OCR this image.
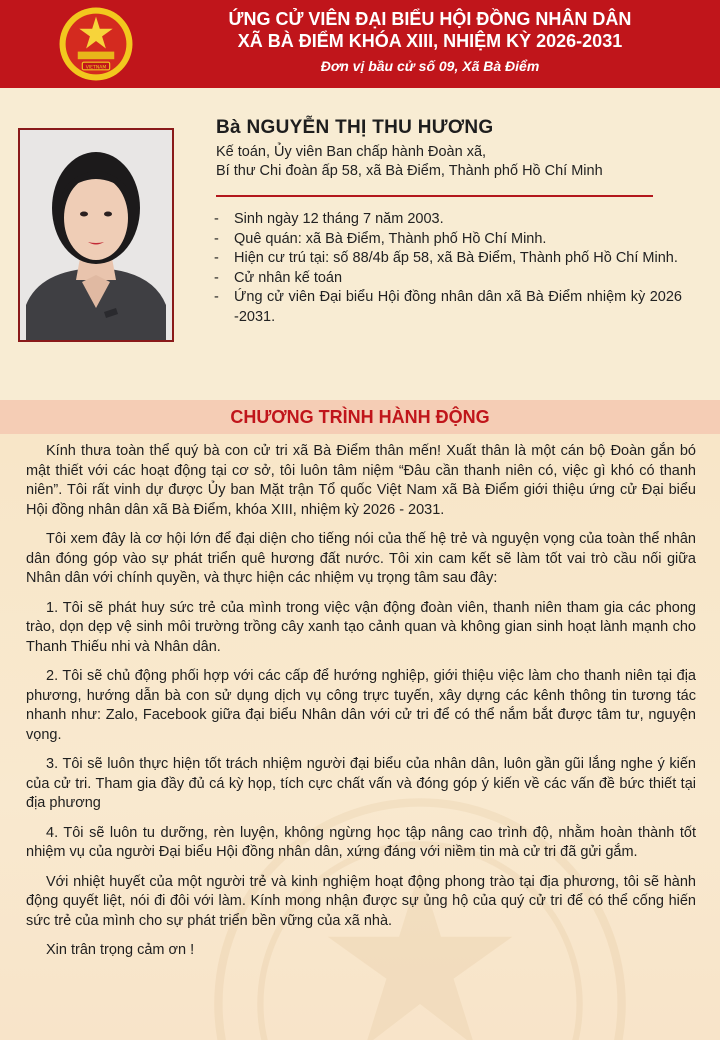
VIETNAM
ỨNG CỬ VIÊN ĐẠI BIỂU HỘI ĐỒNG NHÂN DÂN
XÃ BÀ ĐIỂM KHÓA XIII, NHIỆM KỲ 2026-2031
Đơn vị bầu cử số 09, Xã Bà Điểm
Bà NGUYỄN THỊ THU HƯƠNG
Kế toán, Ủy viên Ban chấp hành Đoàn xã,
Bí thư Chi đoàn ấp 58, xã Bà Điểm, Thành phố Hồ Chí Minh
- Sinh ngày 12 tháng 7 năm 2003.
- Quê quán: xã Bà Điểm, Thành phố Hồ Chí Minh.
- Hiện cư trú tại: số 88/4b ấp 58, xã Bà Điểm, Thành phố Hồ Chí Minh.
- Cử nhân kế toán
- Ứng cử viên Đại biểu Hội đồng nhân dân xã Bà Điểm nhiệm kỳ 2026 -2031.
CHƯƠNG TRÌNH HÀNH ĐỘNG

Kính thưa toàn thể quý bà con cử tri xã Bà Điểm thân mến! Xuất thân là một cán bộ Đoàn gắn bó mật thiết với các hoạt động tại cơ sở, tôi luôn tâm niệm “Đâu cần thanh niên có, việc gì khó có thanh niên”. Tôi rất vinh dự được Ủy ban Mặt trận Tổ quốc Việt Nam xã Bà Điểm giới thiệu ứng cử Đại biểu Hội đồng nhân dân xã Bà Điểm, khóa XIII, nhiệm kỳ 2026 - 2031.

Tôi xem đây là cơ hội lớn để đại diện cho tiếng nói của thế hệ trẻ và nguyện vọng của toàn thể nhân dân đóng góp vào sự phát triển quê hương đất nước. Tôi xin cam kết sẽ làm tốt vai trò cầu nối giữa Nhân dân với chính quyền, và thực hiện các nhiệm vụ trọng tâm sau đây:

1. Tôi sẽ phát huy sức trẻ của mình trong việc vận động đoàn viên, thanh niên tham gia các phong trào, dọn dẹp vệ sinh môi trường trồng cây xanh tạo cảnh quan và không gian sinh hoạt lành mạnh cho Thanh Thiếu nhi và Nhân dân.

2. Tôi sẽ chủ động phối hợp với các cấp để hướng nghiệp, giới thiệu việc làm cho thanh niên tại địa phương, hướng dẫn bà con sử dụng dịch vụ công trực tuyến, xây dựng các kênh thông tin tương tác nhanh như: Zalo, Facebook giữa đại biểu Nhân dân với cử tri để có thể nắm bắt được tâm tư, nguyện vọng.

3. Tôi sẽ luôn thực hiện tốt trách nhiệm người đại biểu của nhân dân, luôn gần gũi lắng nghe ý kiến của cử tri. Tham gia đầy đủ cá kỳ họp, tích cực chất vấn và đóng góp ý kiến về các vấn đề bức thiết tại địa phương

4. Tôi sẽ luôn tu dưỡng, rèn luyện, không ngừng học tập nâng cao trình độ, nhằm hoàn thành tốt nhiệm vụ của người Đại biểu Hội đồng nhân dân, xứng đáng với niềm tin mà cử tri đã gửi gắm.

Với nhiệt huyết của một người trẻ và kinh nghiệm hoạt động phong trào tại địa phương, tôi sẽ hành động quyết liệt, nói đi đôi với làm. Kính mong nhận được sự ủng hộ của quý cử tri để có thể cống hiến sức trẻ của mình cho sự phát triển bền vững của xã nhà.

Xin trân trọng cảm ơn !
